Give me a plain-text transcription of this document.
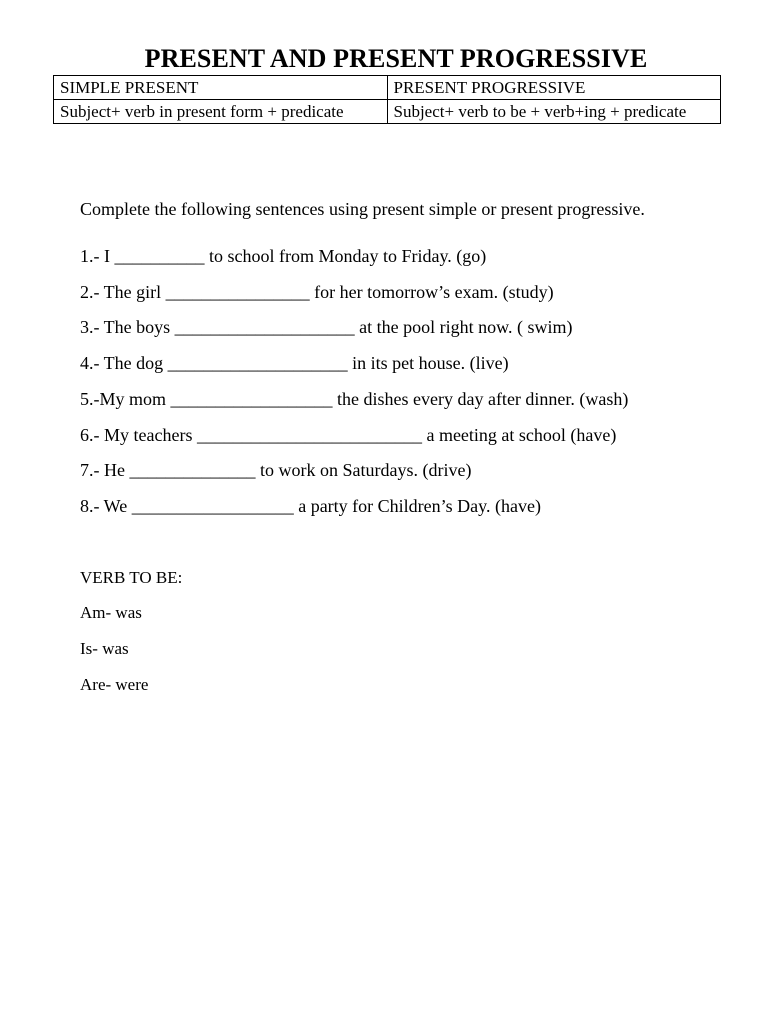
PRESENT AND PRESENT PROGRESSIVE
SIMPLE PRESENT	PRESENT PROGRESSIVE
Subject+ verb in present form + predicate	Subject+ verb to be + verb+ing + predicate
Complete the following sentences using present simple or present progressive.
1.- I __________ to school from Monday to Friday. (go)
2.- The girl ________________ for her tomorrow’s exam. (study)
3.- The boys ____________________ at the pool right now. ( swim)
4.- The dog ____________________ in its pet house. (live)
5.-My mom __________________ the dishes every day after dinner. (wash)
6.- My teachers _________________________ a meeting at school (have)
7.- He ______________ to work on Saturdays. (drive)
8.- We __________________ a party for Children’s Day. (have)
VERB TO BE:
Am- was
Is- was
Are- were
